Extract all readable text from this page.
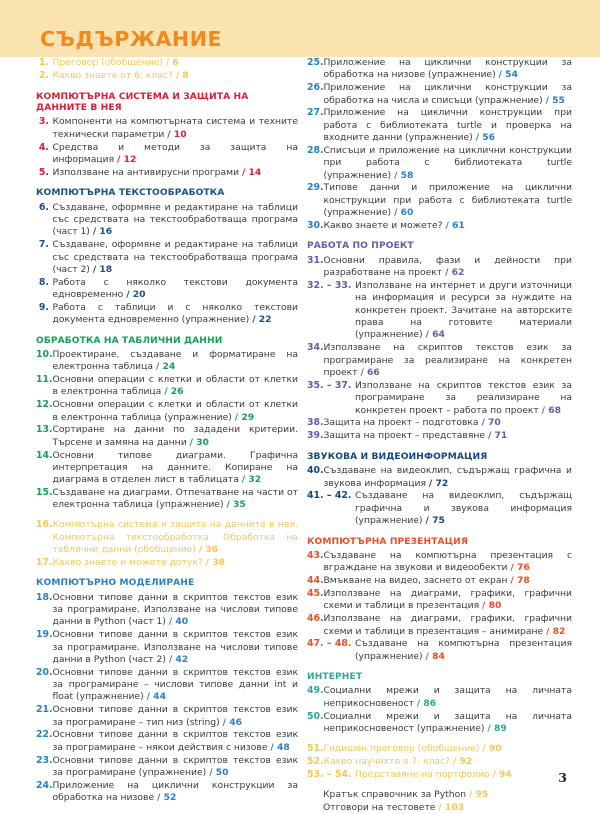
СЪДЪРЖАНИЕ
1. Преговор (обобщение) / 6
2. Какво знаете от 6. клас? / 8
КОМПЮТЪРНА СИСТЕМА И ЗАЩИТА НА ДАННИТЕ В НЕЯ
3. Компоненти на компютърната система и техните технически параметри / 10
4. Средства и методи за защита на информация / 12
5. Използване на антивирусни програми / 14
КОМПЮТЪРНА ТЕКСТООБРАБОТКА
6. Създаване, оформяне и редактиране на таблици със средствата на текстообработваща програма (част 1) / 16
7. Създаване, оформяне и редактиране на таблици със средствата на текстообработваща програма (част 2) / 18
8. Работа с няколко текстови документа едновременно / 20
9. Работа с таблици и с няколко текстови документа едновременно (упражнение) / 22
ОБРАБОТКА НА ТАБЛИЧНИ ДАННИ
10. Проектиране, създаване и форматиране на електронна таблица / 24
11. Основни операции с клетки и области от клетки в електронна таблица / 26
12. Основни операции с клетки и области от клетки в електронна таблица (упражнение) / 29
13. Сортиране на данни по зададени критерии. Търсене и замяна на данни / 30
14. Основни типове диаграми. Графична интерпретация на данните. Копиране на диаграма в отделен лист в таблицата / 32
15. Създаване на диаграми. Отпечатване на части от електронна таблица (упражнение) / 35
16. Компютърна система и защита на данните в нея. Компютърна текстообработка. Обработка на таблични данни (обобщение) / 36
17. Какво знаете и можете дотук? / 38
КОМПЮТЪРНО МОДЕЛИРАНЕ
18. Основни типове данни в скриптов текстов език за програмиране. Използване на числови типове данни в Python (част 1) / 40
19. Основни типове данни в скриптов текстов език за програмиране. Използване на числови типове данни в Python (част 2) / 42
20. Основни типове данни в скриптов текстов език за програмиране – числови типове данни int и float (упражнение) / 44
21. Основни типове данни в скриптов текстов език за програмиране – тип низ (string) / 46
22. Основни типове данни в скриптов текстов език за програмиране – някои действия с низове / 48
23. Основни типове данни в скриптов текстов език за програмиране (упражнение) / 50
24. Приложение на циклични конструкции за обработка на низове / 52
25. Приложение на циклични конструкции за обработка на низове (упражнение) / 54
26. Приложение на циклични конструкции за обработка на числа и списъци (упражнение) / 55
27. Приложение на циклични конструкции при работа с библиотеката turtle и проверка на входните данни (упражнение) / 56
28. Списъци и приложение на циклични конструкции при работа с библиотеката turtle (упражнение) / 58
29. Типове данни и приложение на циклични конструкции при работа с библиотеката turtle (упражнение) / 60
30. Какво знаете и можете? / 61
РАБОТА ПО ПРОЕКТ
31. Основни правила, фази и дейности при разработване на проект / 62
32. – 33. Използване на интернет и други източници на информация и ресурси за нуждите на конкретен проект. Зачитане на авторските права на готовите материали (упражнение) / 64
34. Използване на скриптов текстов език за програмиране за реализиране на конкретен проект / 66
35. – 37. Използване на скриптов текстов език за програмиране за реализиране на конкретен проект – работа по проект / 68
38. Защита на проект – подготовка / 70
39. Защита на проект – представяне / 71
ЗВУКОВА И ВИДЕОИНФОРМАЦИЯ
40. Създаване на видеоклип, съдържащ графична и звукова информация / 72
41. – 42. Създаване на видеоклип, съдържащ графична и звукова информация (упражнение) / 75
КОМПЮТЪРНА ПРЕЗЕНТАЦИЯ
43. Създаване на компютърна презентация с вграждане на звукови и видеообекти / 76
44. Вмъкване на видео, заснето от екран / 78
45. Използване на диаграми, графики, графични схеми и таблици в презентация / 80
46. Използване на диаграми, графики, графични схеми и таблици в презентация – анимиране / 82
47. – 48. Създаване на компютърна презентация (упражнение) / 84
ИНТЕРНЕТ
49. Социални мрежи и защита на личната неприкосновеност / 86
50. Социални мрежи и защита на личната неприкосновеност (упражнение) / 89
51. Годишен преговор (обобщение) / 90
52. Какво научихте в 7. клас? / 92
53. – 54. Представяне на портфолио / 94
Кратък справочник за Python
/ 95
Отговори на тестовете
/ 103
3
